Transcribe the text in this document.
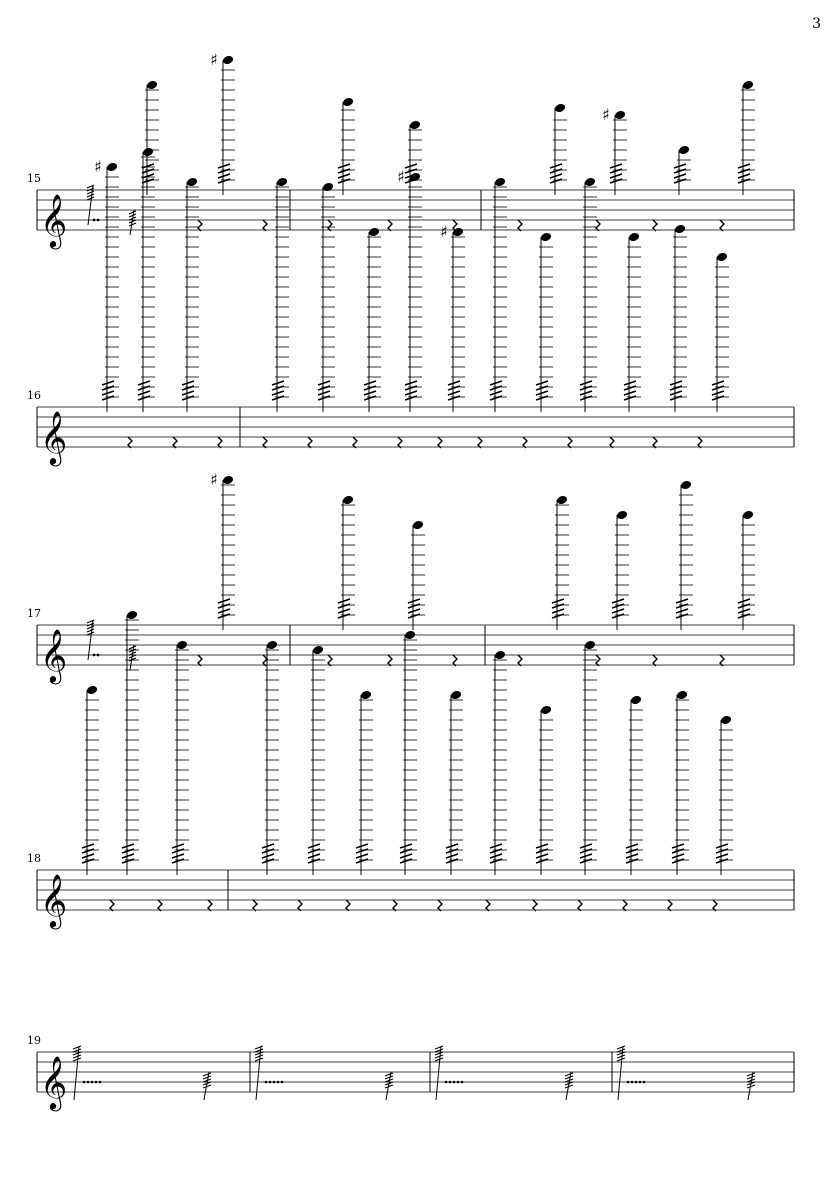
3
15
𝄞
♯
♯
16
𝄞
♯
♯
♯
17
𝄞
♯
18
𝄞
19
𝄞
